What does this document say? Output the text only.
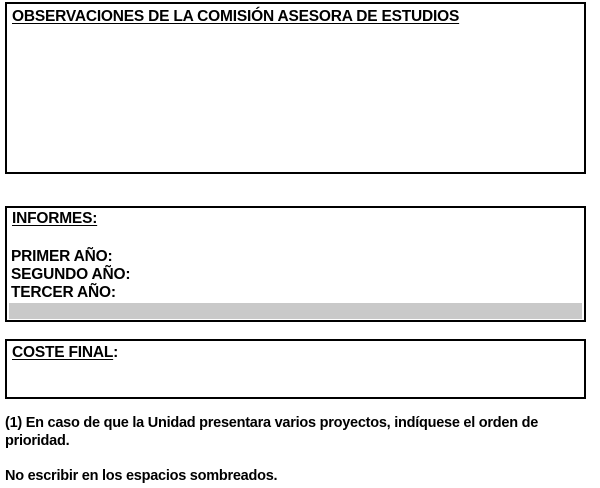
OBSERVACIONES DE LA COMISIÓN ASESORA DE ESTUDIOS

INFORMES:

PRIMER AÑO:
SEGUNDO AÑO:
TERCER AÑO:

COSTE FINAL:

(1) En caso de que la Unidad presentara varios proyectos, indíquese el orden de prioridad.

No escribir en los espacios sombreados.
